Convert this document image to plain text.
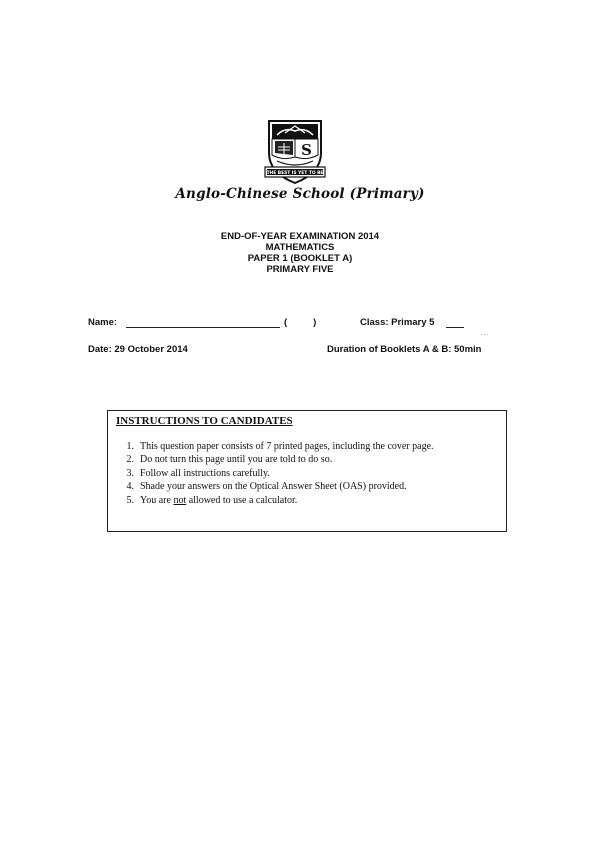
S
THE BEST IS YET TO BE
Anglo-Chinese School (Primary)
END-OF-YEAR EXAMINATION 2014
MATHEMATICS
PAPER 1 (BOOKLET A)
PRIMARY FIVE
Name:	(	)	Class: Primary 5
...
Date: 29 October 2014	Duration of Booklets A & B: 50min
INSTRUCTIONS TO CANDIDATES
1. This question paper consists of 7 printed pages, including the cover page.
2. Do not turn this page until you are told to do so.
3. Follow all instructions carefully.
4. Shade your answers on the Optical Answer Sheet (OAS) provided.
5. You are not allowed to use a calculator.
